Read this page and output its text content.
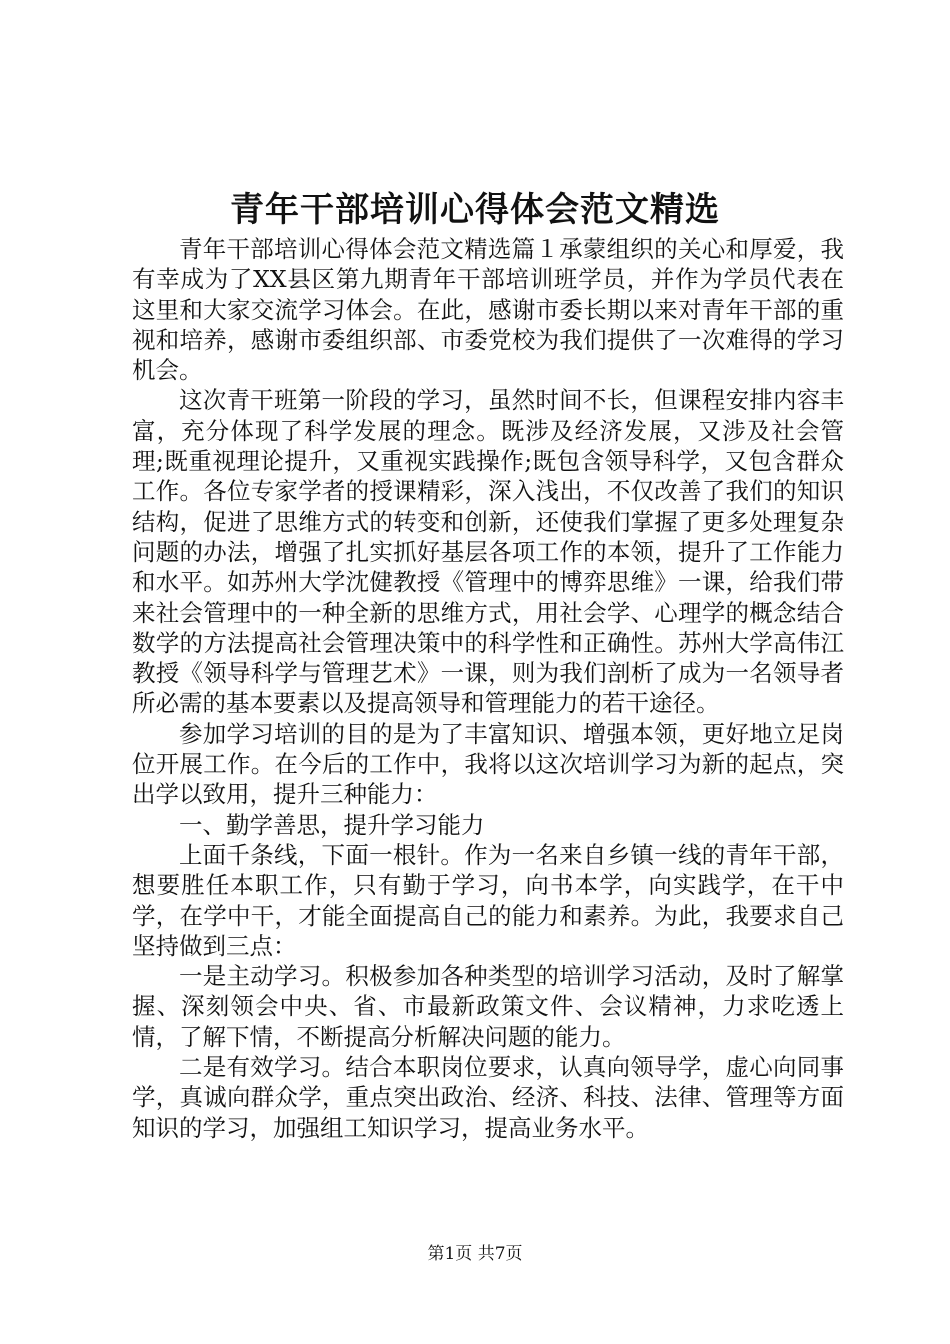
青年干部培训心得体会范文精选

青年干部培训心得体会范文精选篇１承蒙组织的关心和厚爱，我有幸成为了XX县区第九期青年干部培训班学员，并作为学员代表在这里和大家交流学习体会。在此，感谢市委长期以来对青年干部的重视和培养，感谢市委组织部、市委党校为我们提供了一次难得的学习机会。

这次青干班第一阶段的学习，虽然时间不长，但课程安排内容丰富，充分体现了科学发展的理念。既涉及经济发展，又涉及社会管理;既重视理论提升，又重视实践操作;既包含领导科学，又包含群众工作。各位专家学者的授课精彩，深入浅出，不仅改善了我们的知识结构，促进了思维方式的转变和创新，还使我们掌握了更多处理复杂问题的办法，增强了扎实抓好基层各项工作的本领，提升了工作能力和水平。如苏州大学沈健教授《管理中的博弈思维》一课，给我们带来社会管理中的一种全新的思维方式，用社会学、心理学的概念结合数学的方法提高社会管理决策中的科学性和正确性。苏州大学高伟江教授《领导科学与管理艺术》一课，则为我们剖析了成为一名领导者所必需的基本要素以及提高领导和管理能力的若干途径。

参加学习培训的目的是为了丰富知识、增强本领，更好地立足岗位开展工作。在今后的工作中，我将以这次培训学习为新的起点，突出学以致用，提升三种能力：

一、勤学善思，提升学习能力

上面千条线，下面一根针。作为一名来自乡镇一线的青年干部，想要胜任本职工作，只有勤于学习，向书本学，向实践学，在干中学，在学中干，才能全面提高自己的能力和素养。为此，我要求自己坚持做到三点：

一是主动学习。积极参加各种类型的培训学习活动，及时了解掌握、深刻领会中央、省、市最新政策文件、会议精神，力求吃透上情，了解下情，不断提高分析解决问题的能力。

二是有效学习。结合本职岗位要求，认真向领导学，虚心向同事学，真诚向群众学，重点突出政治、经济、科技、法律、管理等方面知识的学习，加强组工知识学习，提高业务水平。

第1页 共7页
